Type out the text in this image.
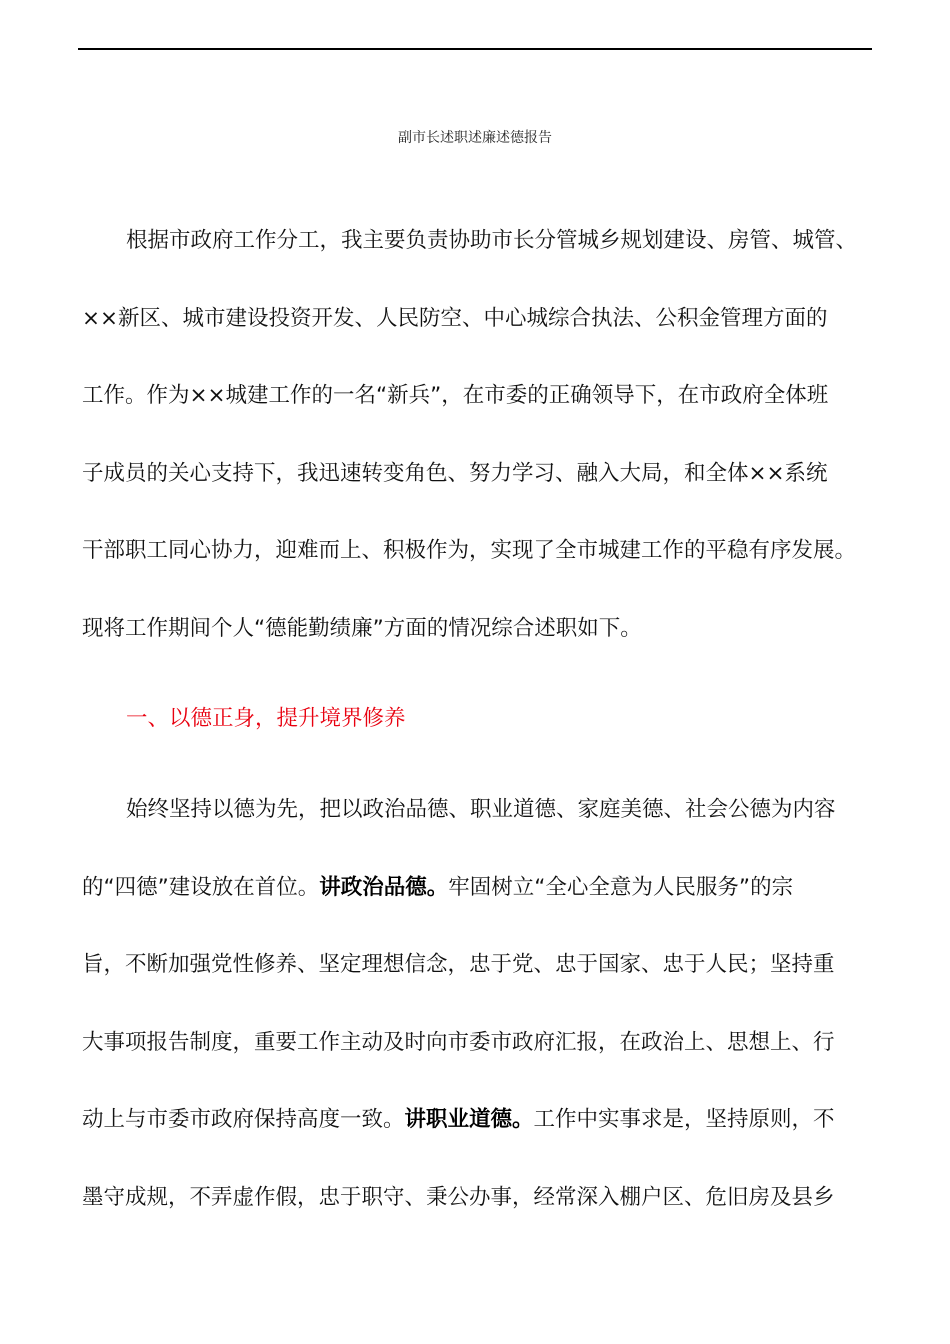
副市长述职述廉述德报告
根据市政府工作分工，我主要负责协助市长分管城乡规划建设、房管、城管、
××新区、城市建设投资开发、人民防空、中心城综合执法、公积金管理方面的
工作。作为××城建工作的一名“新兵”，在市委的正确领导下，在市政府全体班
子成员的关心支持下，我迅速转变角色、努力学习、融入大局，和全体××系统
干部职工同心协力，迎难而上、积极作为，实现了全市城建工作的平稳有序发展。
现将工作期间个人“德能勤绩廉”方面的情况综合述职如下。
一、以德正身，提升境界修养
始终坚持以德为先，把以政治品德、职业道德、家庭美德、社会公德为内容
的“四德”建设放在首位。讲政治品德。牢固树立“全心全意为人民服务”的宗
旨，不断加强党性修养、坚定理想信念，忠于党、忠于国家、忠于人民；坚持重
大事项报告制度，重要工作主动及时向市委市政府汇报，在政治上、思想上、行
动上与市委市政府保持高度一致。讲职业道德。工作中实事求是，坚持原则，不
墨守成规，不弄虚作假，忠于职守、秉公办事，经常深入棚户区、危旧房及县乡
